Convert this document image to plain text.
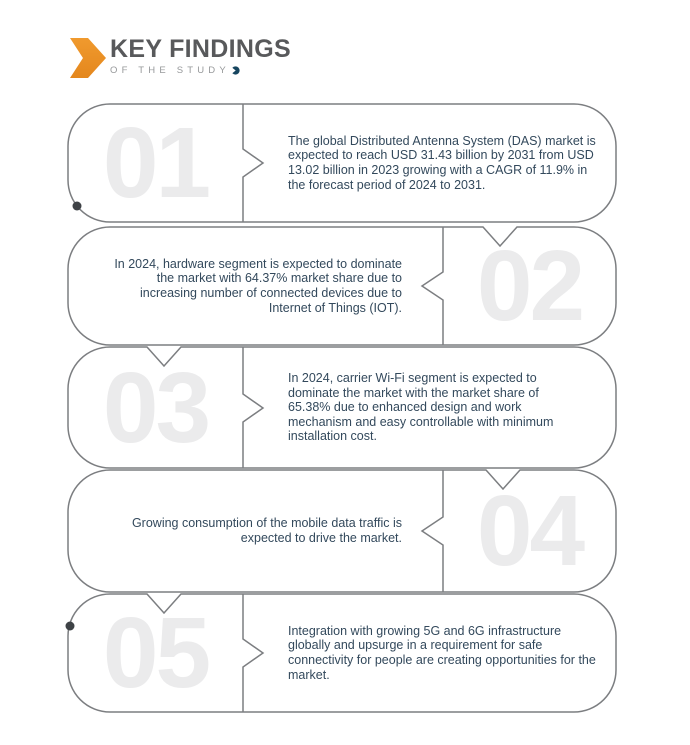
KEY FINDINGS
OF THE STUDY
01	The global Distributed Antenna System (DAS) market is expected to reach USD 31.43 billion by 2031 from USD 13.02 billion in 2023 growing with a CAGR of 11.9% in the forecast period of 2024 to 2031.
02
In 2024, hardware segment is expected to dominate the market with 64.37% market share due to increasing number of connected devices due to Internet of Things (IOT).
03	In 2024, carrier Wi-Fi segment is expected to dominate the market with the market share of 65.38% due to enhanced design and work mechanism and easy controllable with minimum installation cost.
04
Growing consumption of the mobile data traffic is expected to drive the market.
05	Integration with growing 5G and 6G infrastructure globally and upsurge in a requirement for safe connectivity for people are creating opportunities for the market.
